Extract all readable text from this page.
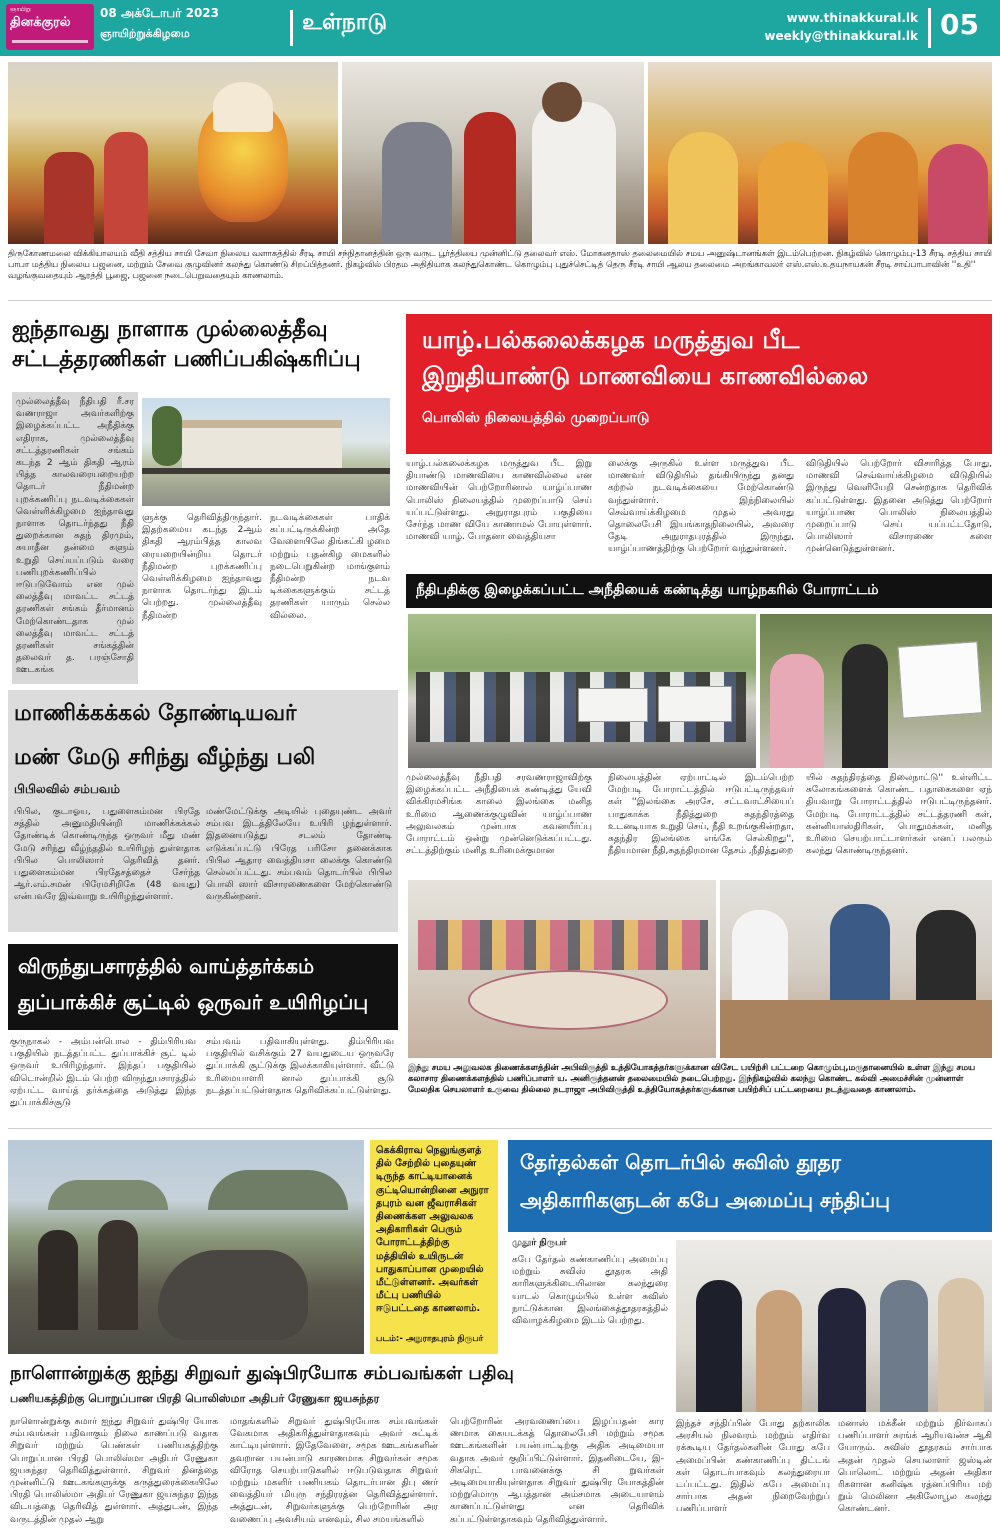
ஞாயிறு
தினக்குரல்
08 அக்டோபர் 2023
ஞாயிற்றுக்கிழமை	உள்நாடு	www.thinakkural.lk
weekly@thinakkural.lk 05

திருகோணமலை விக்கியாலயம் வீதி சத்திய சாயி சேவா நிலைய வளாகத்தில் சீரடி சாயி சந்நிதானத்தின் ஒரு வருட பூர்த்தியை முன்னிட்டு தலைவர் எஸ். மோகனதாஸ் தலைமையில் சமய அனுஷ்டானங்கள் இடம்பெற்றன. நிகழ்வில் கொழும்பு-13 சீரடி சத்திய சாயி பாபா மத்திய நிலைய பஜனை, மற்றும் சேவை குழுவினர் கலந்து கொண்டு சிறப்பித்தனர். நிகழ்வில் பிரதம அதிதியாக கலந்துகொண்ட கொழும்பு புதுச்செட்டித் தெரு சீரடி சாயி ஆலய தலைமை அறங்காவலர் எஸ்.எஸ்.உதயநாயகன் சீரடி சாய்பாபாவின் ''உதி'' வழங்குவதையும் ஆரத்தி பூஜை, பஜனை நடைபெறுவதையும் காணலாம்.

ஐந்தாவது நாளாக முல்லைத்தீவு
சட்டத்தரணிகள் பணிப்பகிஷ்கரிப்பு

முல்லைத்தீவு நீதிபதி ரீ.சர வணராஜா அவர்களிற்கு இழைக்கப்பட்ட அநீதிக்கு எதிராக, முல்லைத்தீவு சட்டத்தரணிகள் சங்கம் கடந்த 2 ஆம் திகதி ஆரம் பித்த காலவரையறையற்ற தொடர் நீதிமன்ற புறக்கணிப்பு நடவடிக்கைகள் வெள்ளிக்கிழமை ஐந்தாவது நாளாக தொடர்ந்தது நீதி துறைக்கான சுதந் திரமும், சுயாதீன தன்மை களும் உறுதி செய்யப்படும் வரை பணிபுறக்கணிப்பில் ஈடுபடுவோம் என முல் லைத்தீவு மாவட்ட சட்டத் தரணிகள் சங்கம் தீர்மானம் மேற்கொண்டதாக முல் லைத்தீவு மாவட்ட சட்டத் தரணிகள் சங்கத்தின் தலைவர் த. பரஞ்சோதி ஊடகங்க

ளுக்கு தெரிவித்திருந்தார். இதற்கமைய கடந்த 2ஆம் திகதி ஆரம்பித்த காலவ ரையறையின்றிய தொடர் நீதிமன்ற புறக்கணிப்பு வெள்ளிக்கிழமை ஐந்தாவது நாளாக தொடர்ந்து இடம் பெற்றது. முல்லைத்தீவு நீதிமன்ற

நடவடிக்கைகள் பாதிக் கப்பட்டிருக்கின்ற அதே வேளையிலே திங்கட்கி ழமை மற்றும் புதன்கிழ மைகளில் நடைபெறுகின்ற மாங்குளம் நீதிமன்ற நடவ டிக்கைகளுக்கும் சட்டத் தரணிகள் யாரும் செல்ல வில்லை.

யாழ்.பல்கலைக்கழக மருத்துவ பீட
இறுதியாண்டு மாணவியை காணவில்லை
பொலிஸ் நிலையத்தில் முறைப்பாடு

யாழ்.பல்கலைக்கழக மருத்துவ பீட இறு தியாண்டு மாணவியை காணவில்லை என மாணவியின் பெற்றோரினால் யாழ்ப்பாண பொலிஸ் நிலையத்தில் முறைப்பாடு செய் யப்பட்டுள்ளது. அநுராதபுரம் பகுதியை சேர்ந்த மாண வியே காணாமல் போயுள்ளார். மாணவி யாழ். போதனா வைத்தியசா

லைக்கு அருகில் உள்ள மருத்துவ பீட மாணவர் விடுதியில் தங்கியிருந்து தனது கற்றல் நடவடிக்கையை மேற்கொண்டு வந்துள்ளார். இந்நிலையில் செவ்வாய்க்கிழமை முதல் அவரது தொலைபேசி இயங்காதநிலையில், அவரை தேடி அநுராதபுரத்தில் இருந்து, யாழ்ப்பாணத்திற்கு பெற்றோர் வந்துள்ளனர்.

விடுதியில் பெற்றோர் விசாரித்த போது, மாணவி செவ்வாய்க்கிழமை விடுதியில் இருந்து வெளியேறி சென்றதாக தெரிவிக் கப்பட்டுள்ளது. இதனை அடுத்து பெற்றோர் யாழ்ப்பாண பொலிஸ் நிலையத்தில் முறைப்பாடு செய் யப்பட்டதோடு, பொலிஸார் விசாரணை களை முன்னெடுத்துள்ளனர்.

நீதிபதிக்கு இழைக்கப்பட்ட அநீதியைக் கண்டித்து யாழ்நகரில் போராட்டம்

முல்லைத்தீவு நீதிபதி சரவணராஜாவிற்கு இழைக்கப்பட்ட அநீதியைக் கண்டித்து யேவி விக்கிரமசிங்க காலை இலங்கை மனித உரிமை ஆணைக்குழுவின் யாழ்ப்பாண அலுவலகம் முன்பாக கவனயீர்ப்பு போராட்டம் ஒன்று முன்னெடுக்கப்பட்டது. சட்டத்திற்கும் மனித உரிமைக்குமான

நிலையத்தின் ஏற்பாட்டில் இடம்பெற்ற மேற்படி போராட்டத்தில் ஈடுபட்டிருந்தவர் கள் ''இலங்கை அரசே, சட்டவாட்சியைப் பாதுகாக்க நீதித்துறை சுதந்திரத்தை உடனடியாக உறுதி செய், நீதி உறங்குகின்றதா, சுதந்திர இலங்கை எங்கே செல்கிறது'', நீதியமான நீதி,சுதந்திரமான தேசம் ,நீதித்துறை

யில் சுதந்திரத்தை நிலைநாட்டு'' உள்ளிட்ட சுலோகங்களைக் கொண்ட பதாகைகளை ஏந் தியவாறு போராட்டத்தில் ஈடுபட்டிருந்தனர். மேற்படி போராட்டத்தில் சட்டத்தரணி கள், கன்னியாஸ்திரிகள், பொதுமக்கள், மனித உரிமை செயற்பாட்டாளர்கள் எனப் பலரும் கலந்து கொண்டிருந்தனர்.

மாணிக்கக்கல் தோண்டியவர்
மண் மேடு சரிந்து வீழ்ந்து பலி
பிபிலவில் சம்பவம்

பிபில, குடாஓய, பதுளைகம்மன பிரதே சத்தில் அனுமதியின்றி மாணிக்கக்கல் தோண்டிக் கொண்டிருந்த ஒருவர் மீது மண் மேடு சரிந்து வீழ்ந்ததில் உயிரிழந் துள்ளதாக பிபில பொலிஸார் தெரிவித் தனர். பதுளைகம்மன பிரதேசத்தைச் சேர்ந்த ஆர்.எம்.சமன் பிரேமசிறிகே (48 வயது) என்பவரே இவ்வாறு உயிரிழந்துள்ளார்.

மண்மேட்டுக்கு அடியில் புதையுண்ட அவர் சம்பவ இடத்திலேயே உயிரி ழந்துள்ளார். இதனையடுத்து சடலம் தோண்டி எடுக்கப்பட்டு பிரேத பரிசோ தனைக்காக பிபில ஆதார வைத்தியசா லைக்கு கொண்டு செல்லப்பட்டது. சம்பவம் தொடர்பில் பிபில பொலி ஸார் விசாரணைகளை மேற்கொண்டு வருகின்றனர்.

விருந்துபசாரத்தில் வாய்த்தர்க்கம்
துப்பாக்கிச் சூட்டில் ஒருவர் உயிரிழப்பு

குருநாகல் - அம்பன்பொல - திம்பிரியவ பகுதியில் நடத்தப்பட்ட துப்பாக்கிச் சூட் டில் ஒருவர் உயிரிழந்தார். இந்தப் பகுதியில் விடொன்றில் இடம் பெற்ற விருந்துபசாரத்தில் ஏற்பட்ட வாய்த் தர்க்கத்தை அடுத்து இந்த துப்பாக்கிச்சூடு

சம்பவம் பதிவாகியுள்ளது. திம்பிரியவ பகுதியில் வசிக்கும் 27 வயதுடைய ஒருவரே துப்பாக்கி சூட்டுக்கு இலக்காகியுள்ளார். வீட்டு உரிமையாளரி னால் துப்பாக்கி சூடு நடத்தப்பட்டுள்ளதாக தெரிவிக்கப்பட்டுள்ளது.

இந்து சமய அலுவலக திணைக்களத்தின் அபிவிருத்தி உத்தியோகத்தர்களுக்கான விசேட பயிற்சி பட்டறை கொழும்பு,மருதானையில் உள்ள இந்து சமய கலாசார திணைக்களத்தில் பணிப்பாளர் ய. அனிருத்தனன் தலைமையில் நடைபெற்றது. இந்நிகழ்வில் கலந்து கொண்ட கல்வி அமைச்சின் முன்னாள் மேலதிக செயலாளர் உருவை தில்லை நடராஜா அபிவிருத்தி உத்தியோகத்தர்களுக்கான பயிற்சிப் பட்டறையை நடத்துவதை காணலாம்.

கெக்கிராவ நெலுங்குளத் தில் சேற்றில் புதையுண் டிருந்த காட்டியானைக் குட்டியொன்றினை அநுரா தபுரம் வன ஜீவராசிகள் திணைக்கள அலுவலக அதிகாரிகள் பெரும் போராட்டத்திற்கு மத்தியில் உயிருடன் பாதுகாப்பான முறையில் மீட்டுள்ளனர். அவர்கள் மீட்பு பணியில் ஈடுபட்டதை காணலாம்.

படம்:- அநுராதபுரம் நிருபர்
தேர்தல்கள் தொடர்பில் சுவிஸ் தூதர
அதிகாரிகளுடன் கபே அமைப்பு சந்திப்பு
முதூர் நிருபர்

கபே தேர்தல் கண்காணிப்பு அமைப்பு மற்றும் சுவிஸ் தூதரக அதி காரிகளுக்கிடையிலான கலந்துரை யாடல் கொழும்பில் உள்ள சுவிஸ் நாட்டுக்கான இலங்கைத்தூதரகத்தில் விவாழக்கிழமை இடம் பெற்றது.

இந்தச் சந்திப்பின் போது தற்காலிக அரசியல் நிலவரம் மற்றும் எதிர்வ ரக்கூடிய தேர்தல்களின் போது கபே அமைப்பின் கண்காணிப்பு திட்டங் கள் தொடர்பாகவும் கலந்துரையா டப்பட்டது. இதில் கபே அமைப்பு சார்பாக அதன் நிறைவேற்றுப் பணிப்பாளர்

மனாஸ் மக்கீன் மற்றும் நிர்வாகப் பணிப்பாளர் சுரங்க் ஆரியவன்ச ஆகி யோரும். சுவிஸ் தூதரகம் சார்பாக அதன் முதல் செயலாளர் ஜஸ்டின் பொலொட் மற்றும் அதன் அதிகா ரிகளான கனிஷ்க ரத்னப்பிரிய மற் றும் மெலினா அகிலோபூல கலந்து கொண்டனர்.

நாளொன்றுக்கு ஐந்து சிறுவர் துஷ்பிரயோக சம்பவங்கள் பதிவு
பணியகத்திற்கு பொறுப்பான பிரதி பொலிஸ்மா அதிபர் ரேணுகா ஜயசுந்தர

நாளொன்றுக்கு சுமார் ஐந்து சிறுவர் துஷ்பிர யோக சம்பவங்கள் பதிவாகும் நிலை காணப்படு வதாக சிறுவர் மற்றும் பெண்கள் பணியகத்திற்கு பொறுப்பான பிரதி பொலிஸ்மா அதிபர் ரேணுகா ஜயசுந்தர தெரிவித்துள்ளார். சிறுவர் தினத்தை முன்னிட்டு ஊடகங்களுக்கு கருத்துரைக்கையிலே பிரதி பொலிஸ்மா அதிபர் ரேணுகா ஜயசுந்தர இந்த விடயத்தை தெரிவித் துள்ளார். அத்துடன், இந்த வருடத்தின் முதல் ஆறு

மாதங்களில் சிறுவர் துஷ்பிரயோக சம்பவங்கள் வேகமாக அதிகரித்துள்ளதாகவும் அவர் சுட்டிக் காட்டியுள்ளார். இதேவேளை, சமூக ஊடகங்களின் தவறான பயன்பாடு காரணமாக சிறுவர்கள் சமூக விரோத செயற்பாடுகளில் ஈடுபடுவதாக சிறுவர் மற்றும் மகளிர் பணியகம் தொடர்பான திபு ணர் வைத்தியர் மியுரு சந்திரரத்ன தெரிவித்துள்ளார். அத்துடன், சிறுவர்களுக்கு பெற்றோரின் அர வணைப்பு அவசியம் எனவும், சில சமயங்களில்

பெற்றோரின் அரவணைப்பை இழப்பதன் கார ணமாக கையடக்கத் தொலைபேசி மற்றும் சமூக ஊடகங்களின் பயன்பாட்டிற்கு அதிக அடிமையா வதாக அவர் குறிப்பிட்டுள்ளார். இதனிடையே, இ-சிகரெட் பாவனைக்கு சி றுவர்கள் அடிமையாகியுள்ளதாக சிறுவர் துஷ்பிர யோகத்தின் மற்றுமொரு ஆபத்தான அம்சமாக அடையாளம் காணப்பட்டுள்ளது என தெரிவிக் கப்பட்டுள்ளதாகவும் தெரிவித்துள்ளார்.
